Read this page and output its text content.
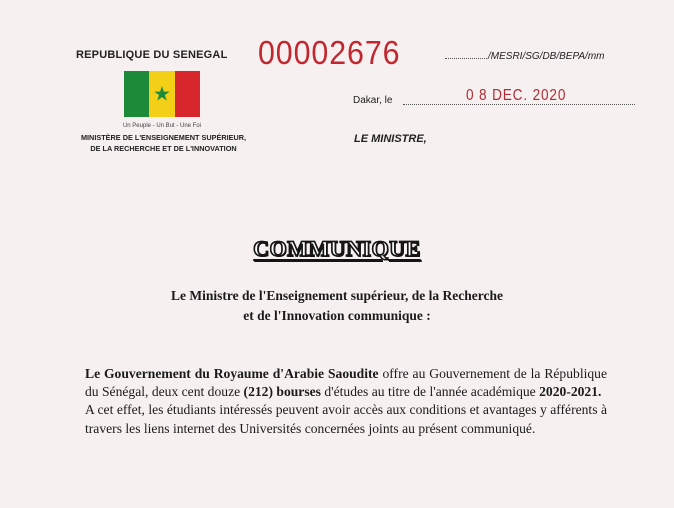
REPUBLIQUE DU SENEGAL 00002676	/MESRI/SG/DB/BEPA/mm
★
Un Peuple - Un But - Une Foi
MINISTÈRE DE L'ENSEIGNEMENT SUPÉRIEUR,
DE LA RECHERCHE ET DE L'INNOVATION
Dakar, le	0 8 DEC. 2020
LE MINISTRE,
COMMUNIQUE
Le Ministre de l'Enseignement supérieur, de la Recherche
et de l'Innovation communique :

Le Gouvernement du Royaume d'Arabie Saoudite offre au Gouvernement de la République du Sénégal, deux cent douze (212) bourses d'études au titre de l'année académique 2020-2021.

A cet effet, les étudiants intéressés peuvent avoir accès aux conditions et avantages y afférents à travers les liens internet des Universités concernées joints au présent communiqué.
